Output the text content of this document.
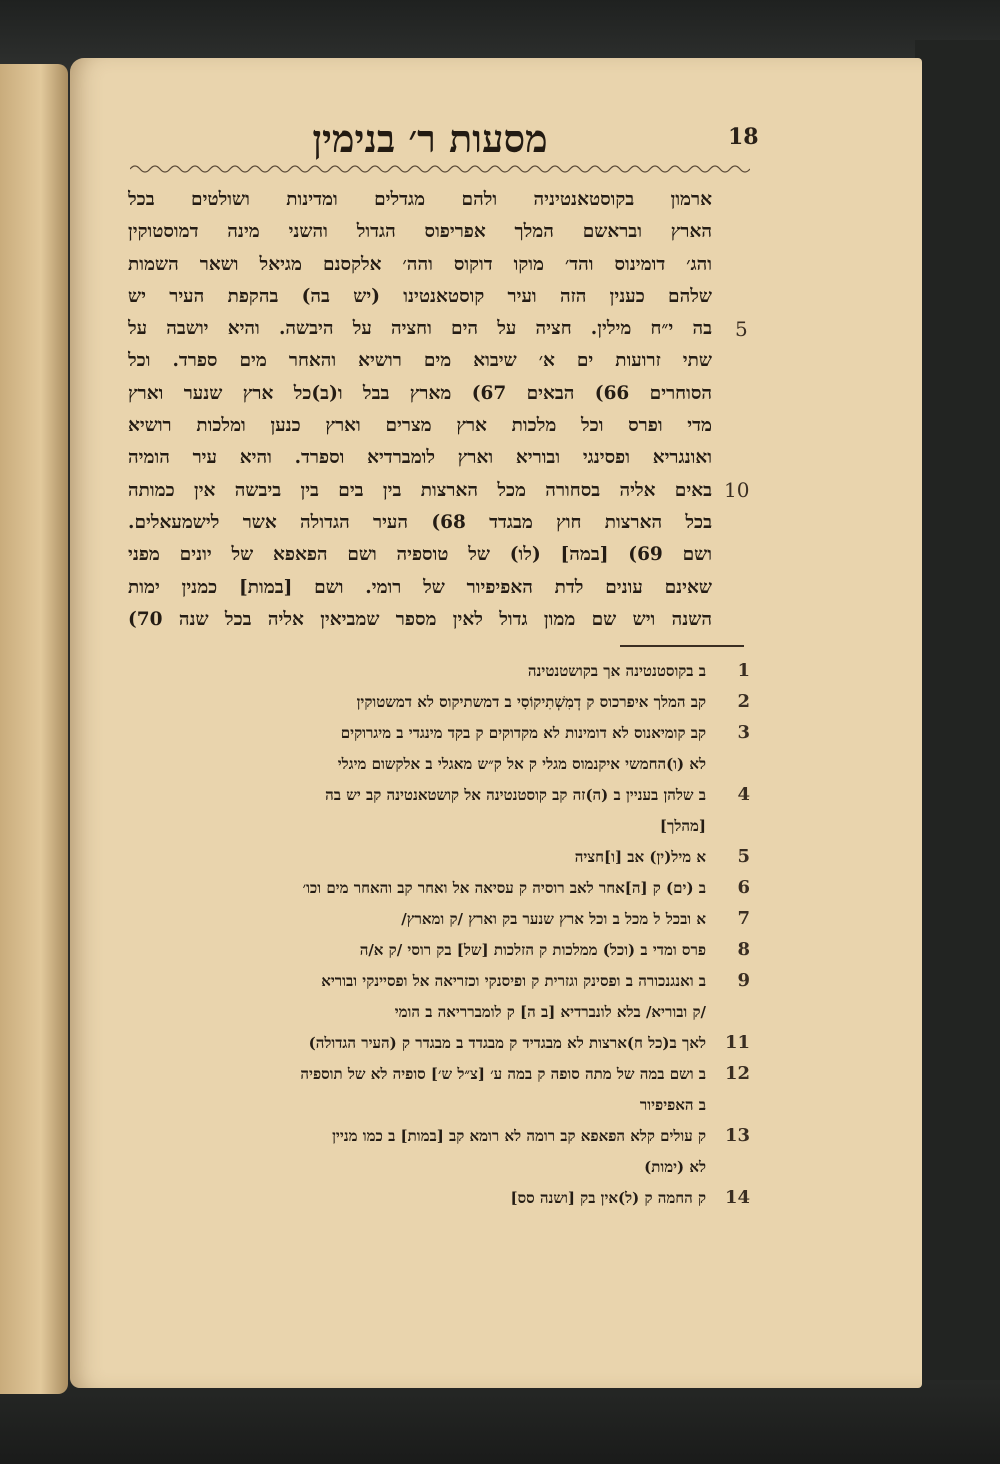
18
מסעות ר׳ בנימין
ארמון בקוסטאנטיניה ולהם מגדלים ומדינות ושולטים בכל
הארץ ובראשם המלך אפריפוס הגדול והשני מינה דמוסטוקין
והג׳ דומינוס והד׳ מוקו דוקוס והה׳ אלקסנם מגיאל ושאר השמות
שלהם כענין הזה ועיר קוסטאנטינו (יש בה) בהקפת העיר יש
בה י״ח מילין. חציה על הים וחציה על היבשה. והיא יושבה על
שתי זרועות ים א׳ שיבוא מים רושיא והאחר מים ספרד. וכל
הסוחרים 66) הבאים 67) מארץ בבל ו(ב)כל ארץ שנער וארץ
מדי ופרס וכל מלכות ארץ מצרים וארץ כנען ומלכות רושיא
ואונגריא ופסינגי ובוריא וארץ לומברדיא וספרד. והיא עיר הומיה
באים אליה בסחורה מכל הארצות בין בים בין ביבשה אין כמותה
בכל הארצות חוץ מבגדד 68) העיר הגדולה אשר לישמעאלים.
ושם 69) [במה] (לו) של טוספיה ושם הפאפא של יונים מפני
שאינם עונים לדת האפיפיור של רומי. ושם [במות] כמנין ימות
השנה ויש שם ממון גדול לאין מספר שמביאין אליה בכל שנה 70)
5
10
1
ב בקוסטנטינה אך בקושטנטינה
2
קב המלך איפרכוס ק דְמִשְׁתִיקוֹסִי ב דמשתיקוס לא דמשטוקין
3
קב קומיאנוס לא דומינות לא מקדוקים ק בקד מינגדי ב מיגרוקים
לא (ו)החמשי איקנמוס מגלי ק אל ק״ש מאגלי ב אלקשום מיגלי
4
ב שלהן בעניין ב (ה)זה קב קוסטנטינה אל קושטאנטינה קב יש בה
[מהלך]
5
א מיל(ין) אב [ו]חציה
6
ב (ים) ק [ה]אחר לאב רוסיה ק עסיאה אל ואחר קב והאחר מים וכו׳
7
א ובכל ל מכל ב וכל ארץ שנער בק וארץ /ק ומארץ/
8
פרס ומדי ב (וכל) ממלכות ק הזלכות [של] בק רוסי /ק א/ה
9
ב ואנגנכורה ב ופסינק וגזרית ק ופיסנקי וכזריאה אל ופסיינקי ובוריא
/ק ובוריא/ בלא לונברדיא [ב ה] ק לומברריאה ב הומי
11
לאך ב(כל ח)ארצות לא מבגדיד ק מבגדד ב מבגדר ק (העיר הגדולה)
12
ב ושם במה של מתה סופה ק במה ע׳ [צ״ל ש׳] סופיה לא של תוספיה
ב האפיפיור
13
ק עולים קלא הפאפא קב רומה לא רומא קב [במות] ב כמו מניין
לא (ימות)
14
ק החמה ק (ל)אין בק [ושנה סס]
